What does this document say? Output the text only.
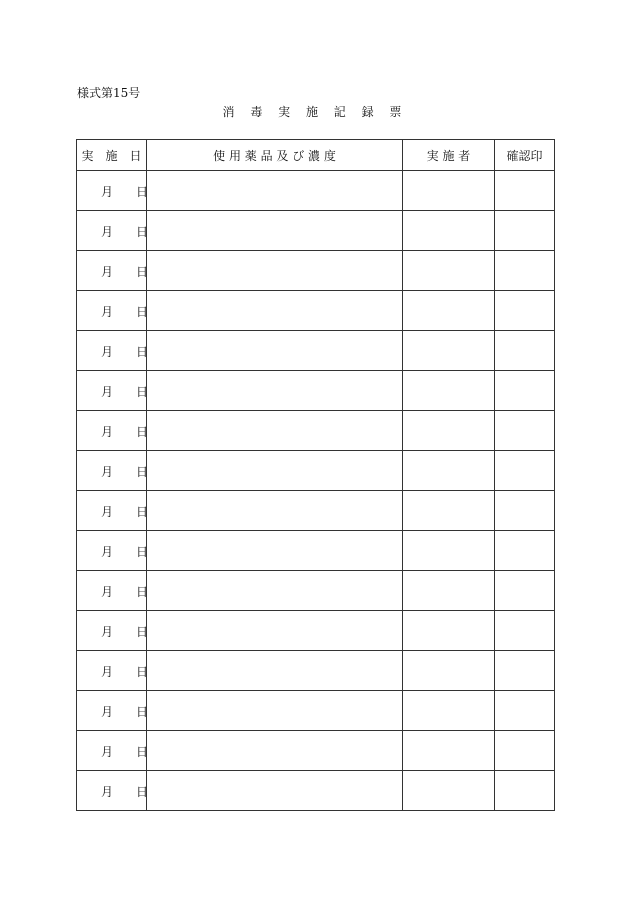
様式第15号
消 毒 実 施 記 録 票
実　施　日	使 用 薬 品 及 び 濃 度	実 施 者	確認印

月 日			

月 日			

月 日			

月 日			

月 日			

月 日			

月 日			

月 日			

月 日			

月 日			

月 日			

月 日			

月 日			

月 日			

月 日			

月 日			
